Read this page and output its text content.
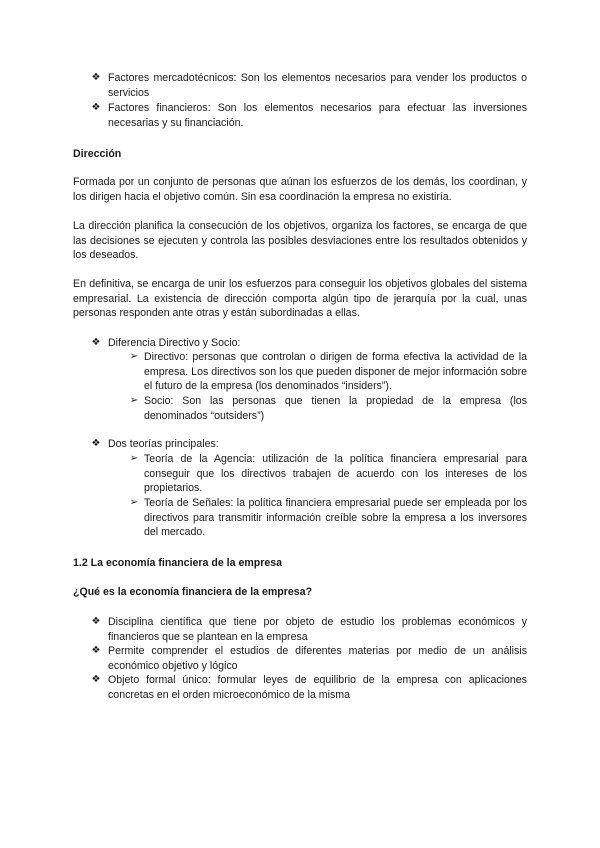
❖ Factores mercadotécnicos: Son los elementos necesarios para vender los productos o servicios

❖ Factores financieros: Son los elementos necesarios para efectuar las inversiones necesarias y su financiación.

Dirección

Formada por un conjunto de personas que aúnan los esfuerzos de los demás, los coordinan, y los dirigen hacia el objetivo común. Sin esa coordinación la empresa no existiría.

La dirección planifica la consecución de los objetivos, organiza los factores, se encarga de que las decisiones se ejecuten y controla las posibles desviaciones entre los resultados obtenidos y los deseados.

En definitiva, se encarga de unir los esfuerzos para conseguir los objetivos globales del sistema empresarial. La existencia de dirección comporta algún tipo de jerarquía por la cual, unas personas responden ante otras y están subordinadas a ellas.

❖ Diferencia Directivo y Socio:

➢ Directivo: personas que controlan o dirigen de forma efectiva la actividad de la empresa. Los directivos son los que pueden disponer de mejor información sobre el futuro de la empresa (los denominados “insiders”).

➢ Socio: Son las personas que tienen la propiedad de la empresa (los denominados “outsiders”)

❖ Dos teorías principales:

➢ Teoría de la Agencia: utilización de la política financiera empresarial para conseguir que los directivos trabajen de acuerdo con los intereses de los propietarios.

➢ Teoría de Señales: la política financiera empresarial puede ser empleada por los directivos para transmitir información creíble sobre la empresa a los inversores del mercado.

1.2 La economía financiera de la empresa

¿Qué es la economía financiera de la empresa?

❖ Disciplina científica que tiene por objeto de estudio los problemas económicos y financieros que se plantean en la empresa

❖ Permite comprender el estudios de diferentes materias por medio de un análisis económico objetivo y lógico

❖ Objeto formal único: formular leyes de equilibrio de la empresa con aplicaciones concretas en el orden microeconómico de la misma
